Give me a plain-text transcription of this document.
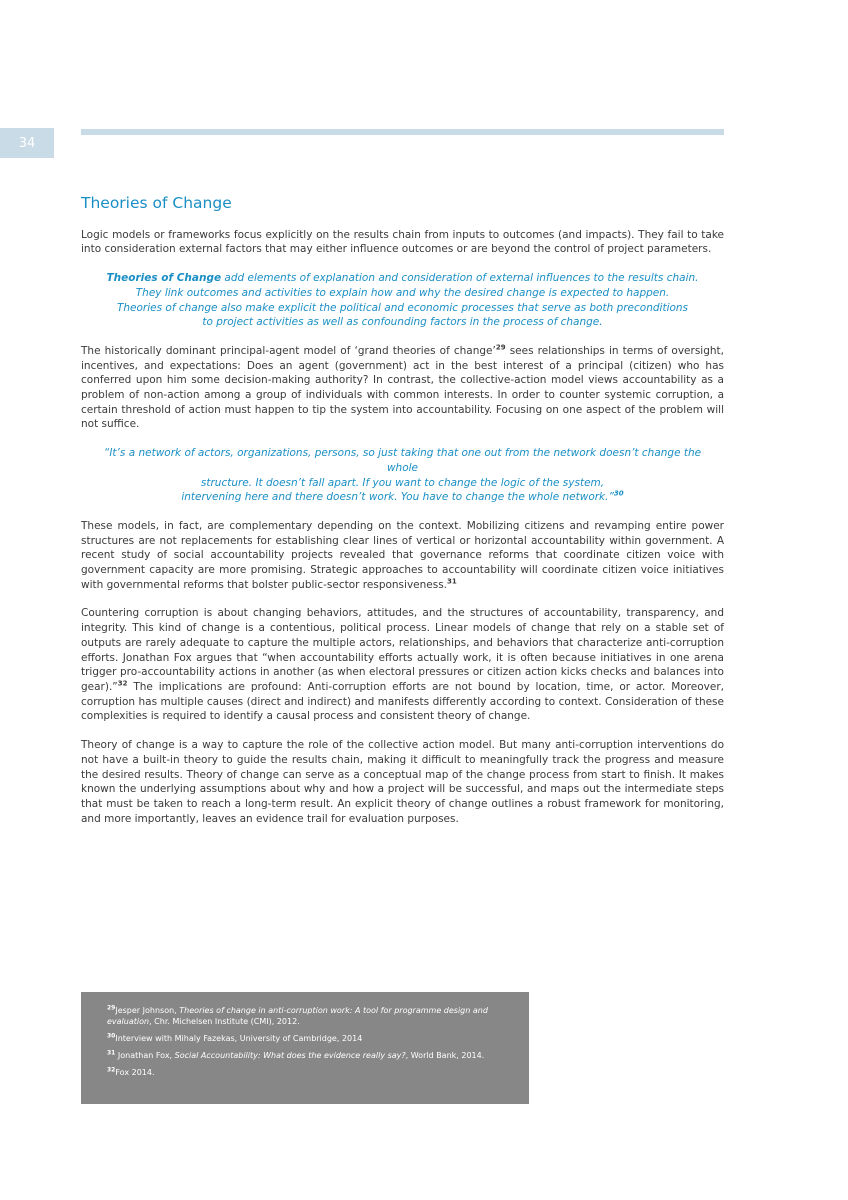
34
Theories of Change

Logic models or frameworks focus explicitly on the results chain from inputs to outcomes (and impacts). They fail to take into consideration external factors that may either influence outcomes or are beyond the control of project parameters.

Theories of Change add elements of explanation and consideration of external influences to the results chain.
They link outcomes and activities to explain how and why the desired change is expected to happen.
Theories of change also make explicit the political and economic processes that serve as both preconditions
to project activities as well as confounding factors in the process of change.

The historically dominant principal-agent model of ‘grand theories of change’$^{29}$ sees relationships in terms of oversight, incentives, and expectations: Does an agent (government) act in the best interest of a principal (citizen) who has conferred upon him some decision-making authority? In contrast, the collective-action model views accountability as a problem of non-action among a group of individuals with common interests. In order to counter systemic corruption, a certain threshold of action must happen to tip the system into accountability. Focusing on one aspect of the problem will not suffice.

“It’s a network of actors, organizations, persons, so just taking that one out from the network doesn’t change the whole
structure. It doesn’t fall apart. If you want to change the logic of the system,
intervening here and there doesn’t work. You have to change the whole network.”$^{30}$

These models, in fact, are complementary depending on the context. Mobilizing citizens and revamping entire power structures are not replacements for establishing clear lines of vertical or horizontal accountability within government. A recent study of social accountability projects revealed that governance reforms that coordinate citizen voice with government capacity are more promising. Strategic approaches to accountability will coordinate citizen voice initiatives with governmental reforms that bolster public-sector responsiveness.$^{31}$

Countering corruption is about changing behaviors, attitudes, and the structures of accountability, transparency, and integrity. This kind of change is a contentious, political process. Linear models of change that rely on a stable set of outputs are rarely adequate to capture the multiple actors, relationships, and behaviors that characterize anti-corruption efforts. Jonathan Fox argues that “when accountability efforts actually work, it is often because initiatives in one arena trigger pro-accountability actions in another (as when electoral pressures or citizen action kicks checks and balances into gear).”$^{32}$ The implications are profound: Anti-corruption efforts are not bound by location, time, or actor. Moreover, corruption has multiple causes (direct and indirect) and manifests differently according to context. Consideration of these complexities is required to identify a causal process and consistent theory of change.

Theory of change is a way to capture the role of the collective action model. But many anti-corruption interventions do not have a built-in theory to guide the results chain, making it difficult to meaningfully track the progress and measure the desired results. Theory of change can serve as a conceptual map of the change process from start to finish. It makes known the underlying assumptions about why and how a project will be successful, and maps out the intermediate steps that must be taken to reach a long-term result. An explicit theory of change outlines a robust framework for monitoring, and more importantly, leaves an evidence trail for evaluation purposes.

$^{29}$Jesper Johnson, Theories of change in anti-corruption work: A tool for programme design and evaluation, Chr. Michelsen Institute (CMI), 2012.
$^{30}$Interview with Mihaly Fazekas, University of Cambridge, 2014
$^{31}$ Jonathan Fox, Social Accountability: What does the evidence really say?, World Bank, 2014.
$^{32}$Fox 2014.
